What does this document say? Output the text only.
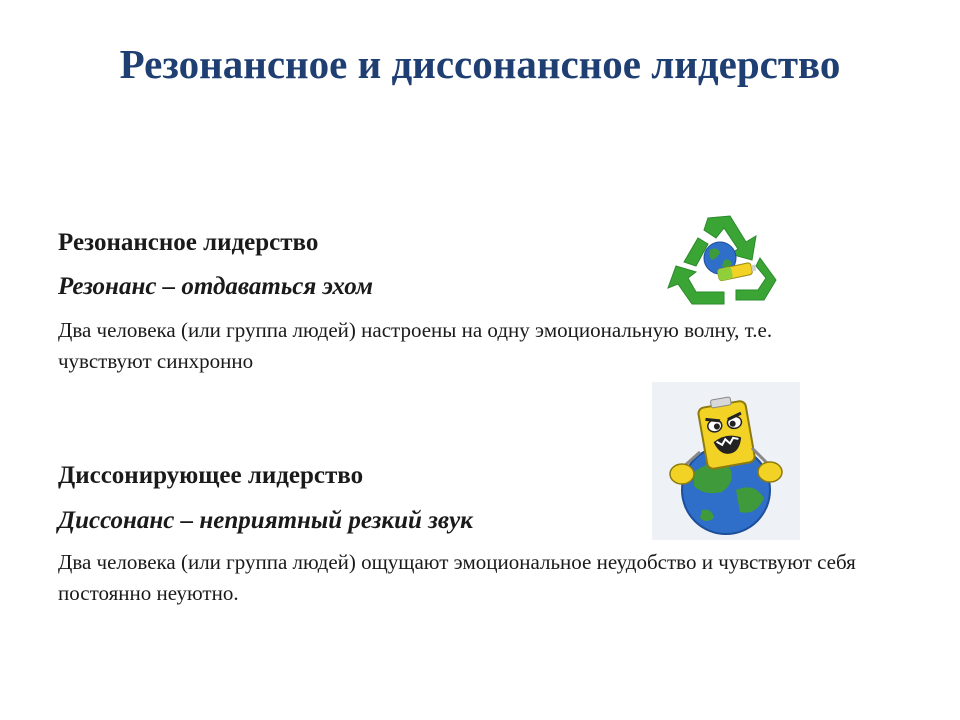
Резонансное и диссонансное лидерство

Резонансное лидерство

Резонанс – отдаваться эхом

Два человека (или группа людей) настроены на одну эмоциональную волну, т.е. чувствуют синхронно

Диссонирующее лидерство

Диссонанс – неприятный резкий звук

Два человека (или группа людей) ощущают эмоциональное неудобство и чувствуют себя постоянно неуютно.
